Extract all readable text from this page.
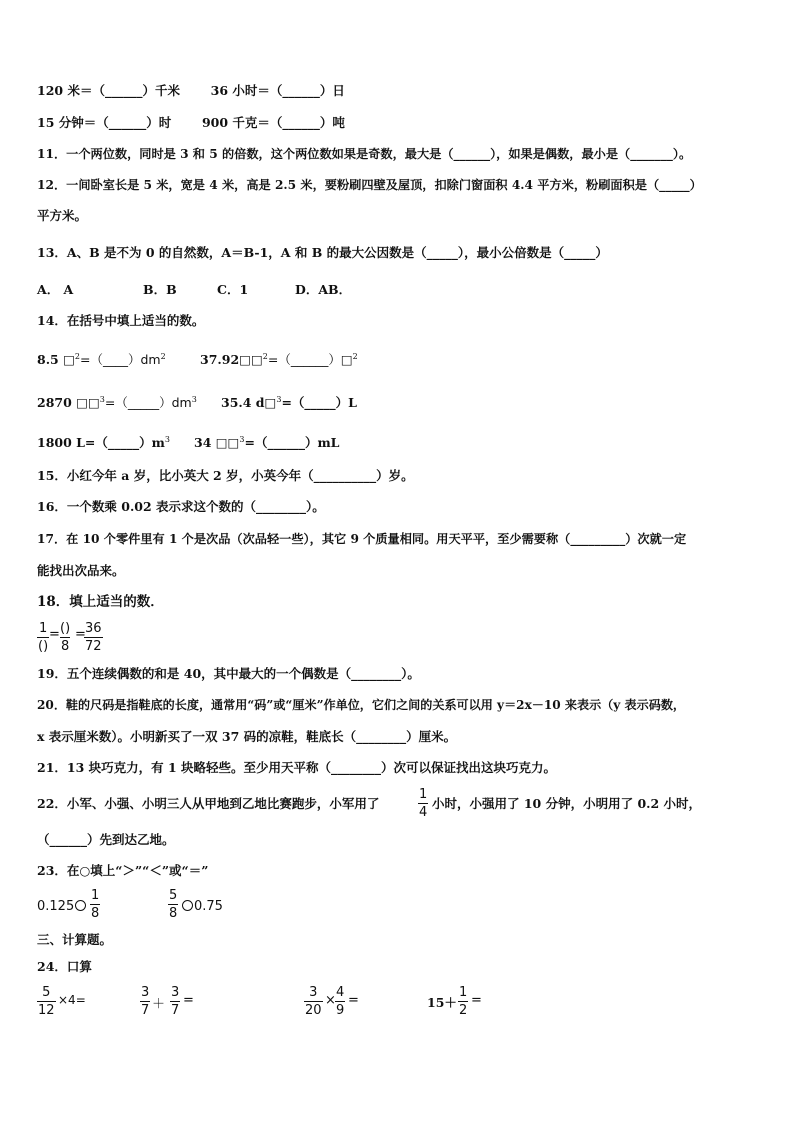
120 米＝（______）千米 36 小时＝（______）日
15 分钟＝（______）时 900 千克＝（______）吨
11．一个两位数，同时是 3 和 5 的倍数，这个两位数如果是奇数，最大是（______），如果是偶数，最小是（_______）。
12．一间卧室长是 5 米，宽是 4 米，高是 2.5 米，要粉刷四壁及屋顶，扣除门窗面积 4.4 平方米，粉刷面积是（_____）
平方米。
13．A、B 是不为 0 的自然数，A＝B-1，A 和 B 的最大公因数是（_____），最小公倍数是（_____）
A． A	B．B	C．1	D．AB．
14．在括号中填上适当的数。
8.5 $□^2=(\_\_\_\_)dm^2$	37.92□□$^2$=（______）□$^2$
2870 $□□^3=(\_\_\_\_\_)dm^3$ 35.4 d□$^3$=（_____）L
1800 $L=(\_\_\_\_\_)m^3$ 34 □□$^3$=（______）mL
15．小红今年 a 岁，比小英大 2 岁，小英今年（__________）岁。
16．一个数乘 0.02 表示求这个数的（________）。
17．在 10 个零件里有 1 个是次品（次品轻一些），其它 9 个质量相同。用天平平，至少需要称（_________）次就一定
能找出次品来。
18．填上适当的数．
1
()
= ()
8
=
$\frac{36}{72}$
19．五个连续偶数的和是 40，其中最大的一个偶数是（________）。
20．鞋的尺码是指鞋底的长度，通常用“码”或“厘米”作单位，它们之间的关系可以用 y＝2x－10 来表示（y 表示码数，
x 表示厘米数）。小明新买了一双 37 码的凉鞋，鞋底长（________）厘米。
21．13 块巧克力，有 1 块略轻些。至少用天平称（________）次可以保证找出这块巧克力。
22．小军、小强、小明三人从甲地到乙地比赛跑步，小军用了	$\frac{1}{4}$ 小时，小强用了 10 分钟，小明用了 0.2 小时，
（______）先到达乙地。
23．在○填上“＞”“＜”或“＝”
0.125	$\frac{1}{8}$	$\frac{5}{8}$	0.75
三、计算题。
24．口算
$\frac{5}{12} \times 4=$	$\frac{3}{7} + \frac{3}{7}$ =	$\frac{3}{20} \times \frac{4}{9}$ =	$15+ \frac{1}{2}$ =
